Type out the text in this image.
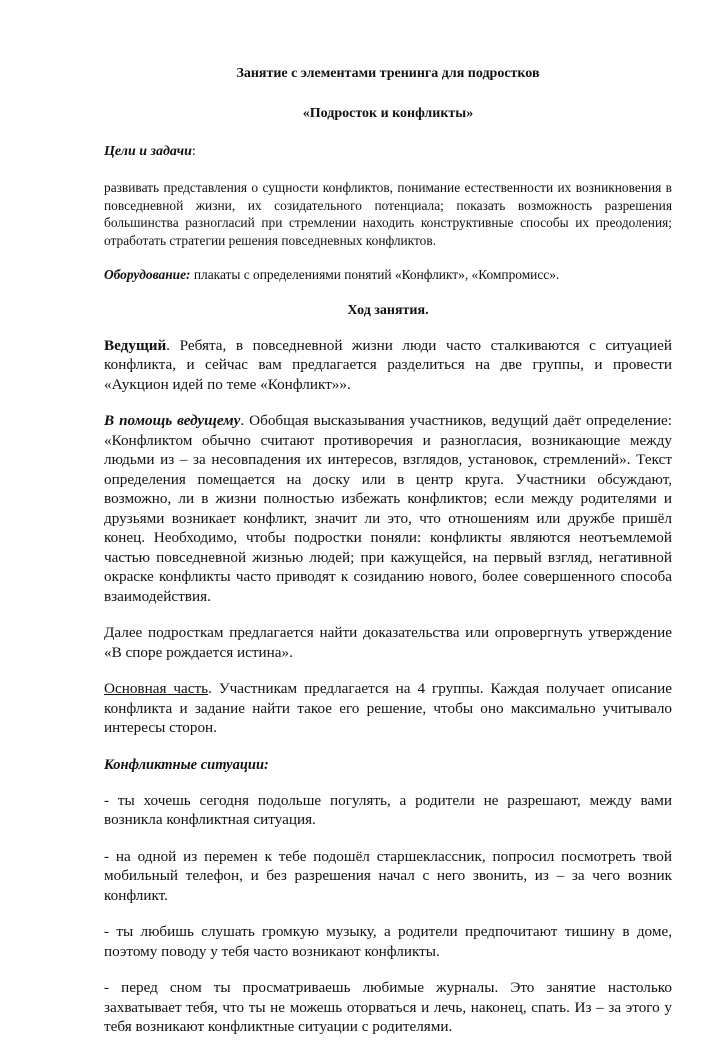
Занятие с элементами тренинга для подростков
«Подросток и конфликты»
Цели и задачи:

развивать представления о сущности конфликтов, понимание естественности их возникновения в повседневной жизни, их созидательного потенциала; показать возможность разрешения большинства разногласий при стремлении находить конструктивные способы их преодоления; отработать стратегии решения повседневных конфликтов.

Оборудование: плакаты с определениями понятий «Конфликт», «Компромисс».

Ход занятия.

Ведущий. Ребята, в повседневной жизни люди часто сталкиваются с ситуацией конфликта, и сейчас вам предлагается разделиться на две группы, и провести «Аукцион идей по теме «Конфликт»».

В помощь ведущему. Обобщая высказывания участников, ведущий даёт определение: «Конфликтом обычно считают противоречия и разногласия, возникающие между людьми из – за несовпадения их интересов, взглядов, установок, стремлений». Текст определения помещается на доску или в центр круга. Участники обсуждают, возможно, ли в жизни полностью избежать конфликтов; если между родителями и друзьями возникает конфликт, значит ли это, что отношениям или дружбе пришёл конец. Необходимо, чтобы подростки поняли: конфликты являются неотъемлемой частью повседневной жизнью людей; при кажущейся, на первый взгляд, негативной окраске конфликты часто приводят к созиданию нового, более совершенного способа взаимодействия.

Далее подросткам предлагается найти доказательства или опровергнуть утверждение «В споре рождается истина».

Основная часть. Участникам предлагается на 4 группы. Каждая получает описание конфликта и задание найти такое его решение, чтобы оно максимально учитывало интересы сторон.

Конфликтные ситуации:

- ты хочешь сегодня подольше погулять, а родители не разрешают, между вами возникла конфликтная ситуация.

- на одной из перемен к тебе подошёл старшеклассник, попросил посмотреть твой мобильный телефон, и без разрешения начал с него звонить, из – за чего возник конфликт.

- ты любишь слушать громкую музыку, а родители предпочитают тишину в доме, поэтому поводу у тебя часто возникают конфликты.

- перед сном ты просматриваешь любимые журналы. Это занятие настолько захватывает тебя, что ты не можешь оторваться и лечь, наконец, спать. Из – за этого у тебя возникают конфликтные ситуации с родителями.
